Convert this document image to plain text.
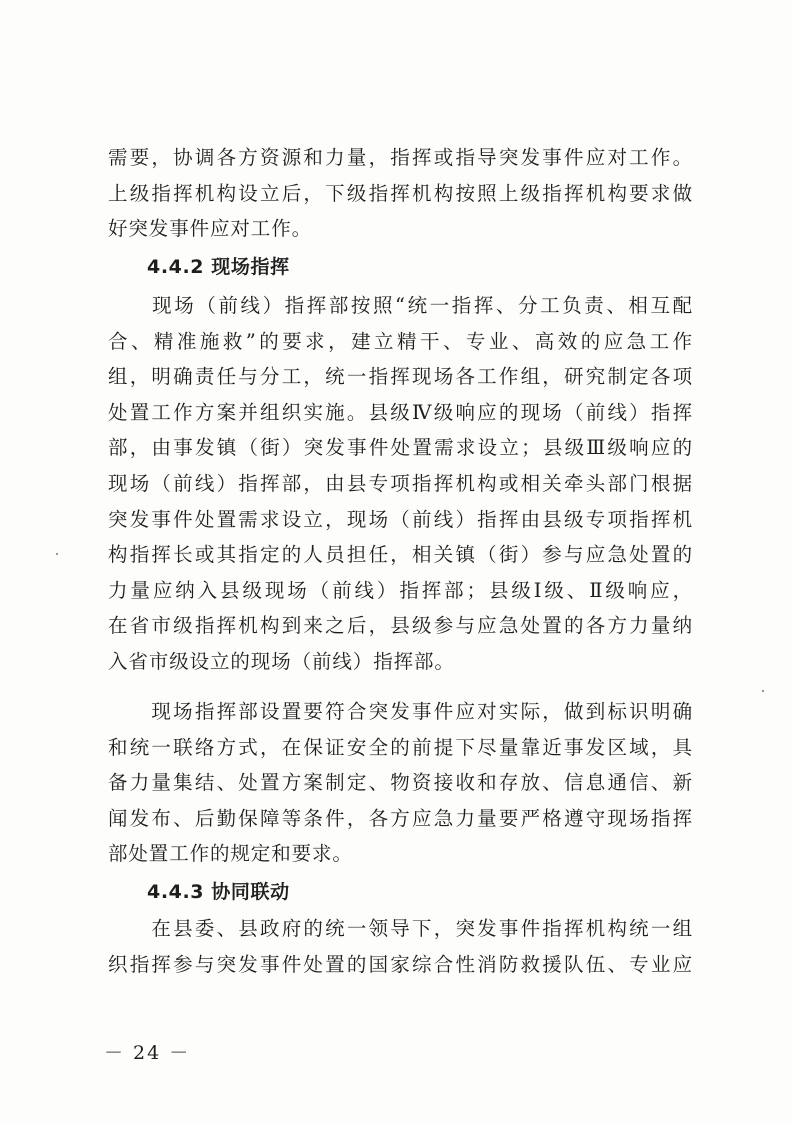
需要，协调各方资源和力量，指挥或指导突发事件应对工作。
上级指挥机构设立后，下级指挥机构按照上级指挥机构要求做
好突发事件应对工作。
4.4.2 现场指挥
　　现场（前线）指挥部按照“统一指挥、分工负责、相互配
合、精准施救”的要求，建立精干、专业、高效的应急工作
组，明确责任与分工，统一指挥现场各工作组，研究制定各项
处置工作方案并组织实施。县级Ⅳ级响应的现场（前线）指挥
部，由事发镇（街）突发事件处置需求设立；县级Ⅲ级响应的
现场（前线）指挥部，由县专项指挥机构或相关牵头部门根据
突发事件处置需求设立，现场（前线）指挥由县级专项指挥机
构指挥长或其指定的人员担任，相关镇（街）参与应急处置的
力量应纳入县级现场（前线）指挥部；县级Ⅰ级、Ⅱ级响应，
在省市级指挥机构到来之后，县级参与应急处置的各方力量纳
入省市级设立的现场（前线）指挥部。
　　现场指挥部设置要符合突发事件应对实际，做到标识明确
和统一联络方式，在保证安全的前提下尽量靠近事发区域，具
备力量集结、处置方案制定、物资接收和存放、信息通信、新
闻发布、后勤保障等条件，各方应急力量要严格遵守现场指挥
部处置工作的规定和要求。
4.4.3 协同联动
　　在县委、县政府的统一领导下，突发事件指挥机构统一组
织指挥参与突发事件处置的国家综合性消防救援队伍、专业应
－ 24 －
